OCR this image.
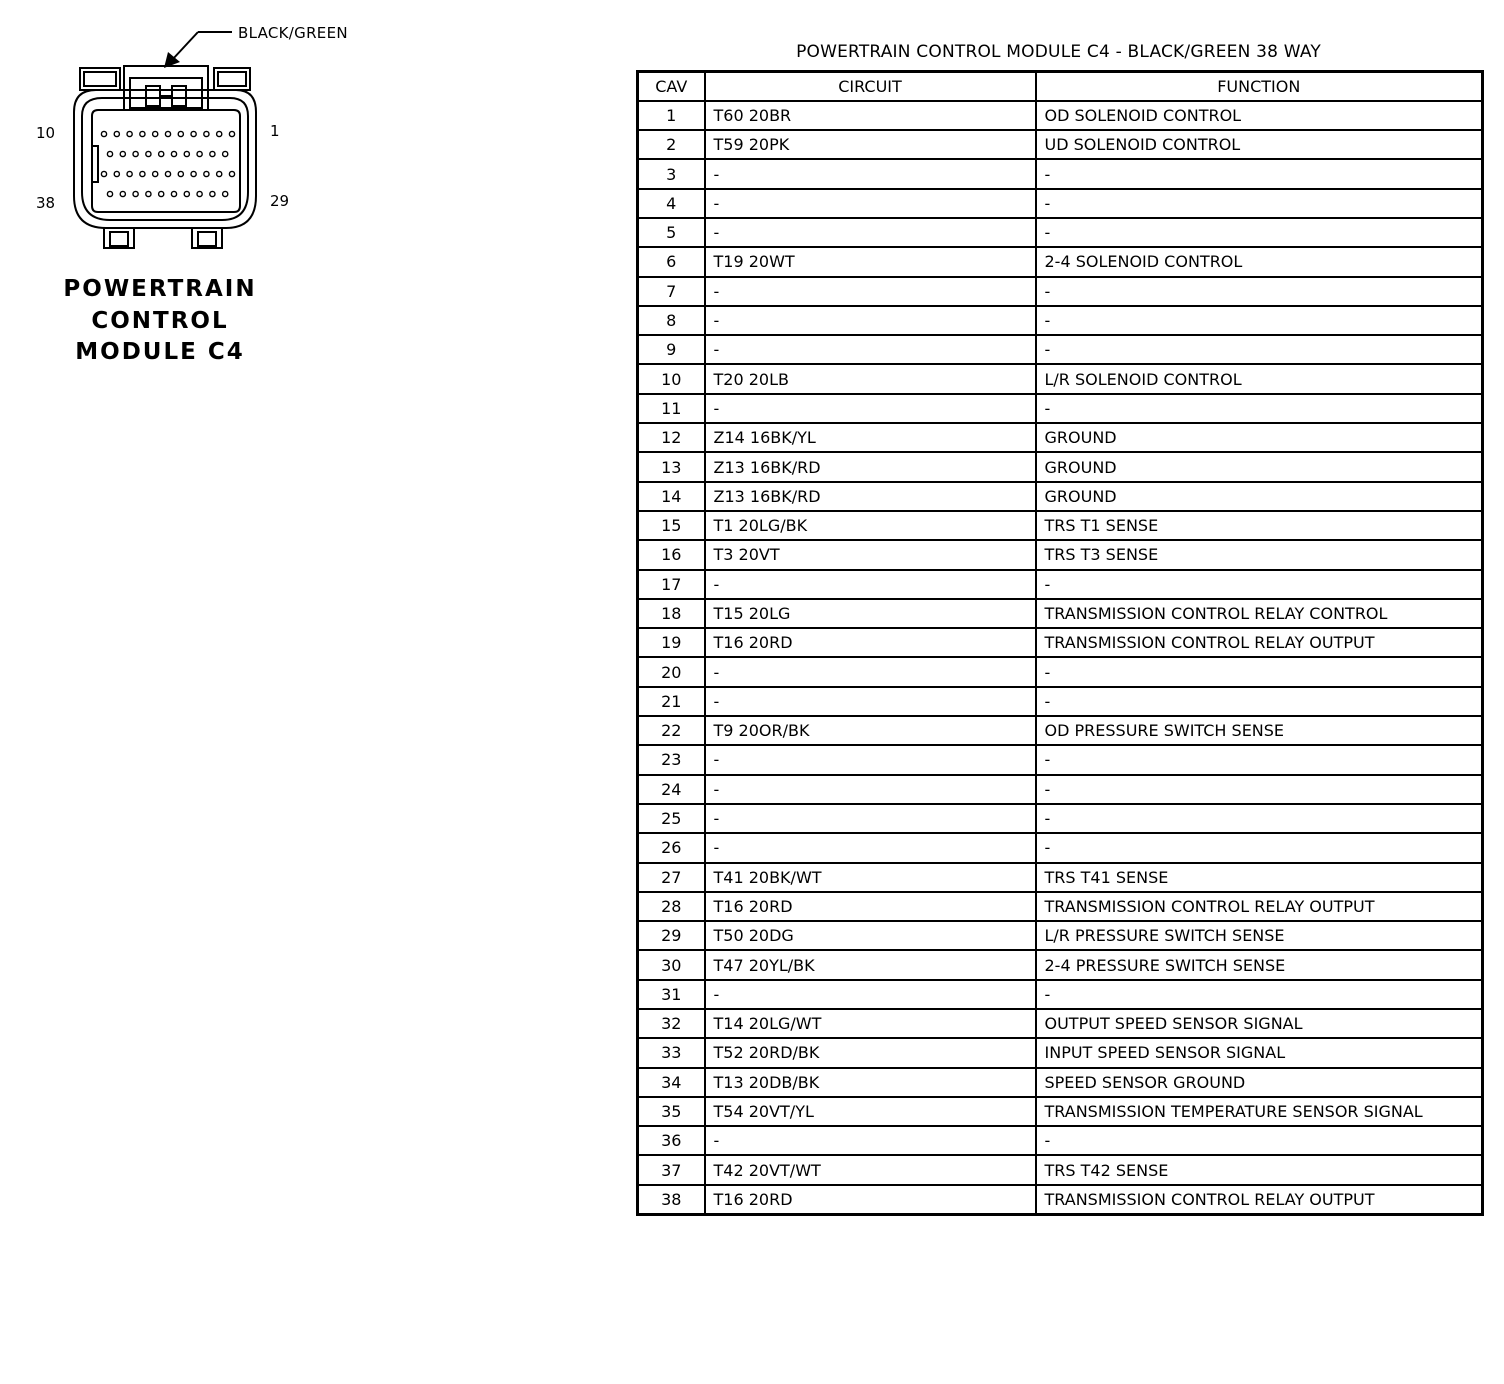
BLACK/GREEN
10	1
38	29
POWERTRAIN
CONTROL
MODULE C4
POWERTRAIN CONTROL MODULE C4 - BLACK/GREEN 38 WAY
CAV	CIRCUIT	FUNCTION
1	T60 20BR	OD SOLENOID CONTROL
2	T59 20PK	UD SOLENOID CONTROL
3	-	-
4	-	-
5	-	-
6	T19 20WT	2-4 SOLENOID CONTROL
7	-	-
8	-	-
9	-	-
10	T20 20LB	L/R SOLENOID CONTROL
11	-	-
12	Z14 16BK/YL	GROUND
13	Z13 16BK/RD	GROUND
14	Z13 16BK/RD	GROUND
15	T1 20LG/BK	TRS T1 SENSE
16	T3 20VT	TRS T3 SENSE
17	-	-
18	T15 20LG	TRANSMISSION CONTROL RELAY CONTROL
19	T16 20RD	TRANSMISSION CONTROL RELAY OUTPUT
20	-	-
21	-	-
22	T9 20OR/BK	OD PRESSURE SWITCH SENSE
23	-	-
24	-	-
25	-	-
26	-	-
27	T41 20BK/WT	TRS T41 SENSE
28	T16 20RD	TRANSMISSION CONTROL RELAY OUTPUT
29	T50 20DG	L/R PRESSURE SWITCH SENSE
30	T47 20YL/BK	2-4 PRESSURE SWITCH SENSE
31	-	-
32	T14 20LG/WT	OUTPUT SPEED SENSOR SIGNAL
33	T52 20RD/BK	INPUT SPEED SENSOR SIGNAL
34	T13 20DB/BK	SPEED SENSOR GROUND
35	T54 20VT/YL	TRANSMISSION TEMPERATURE SENSOR SIGNAL
36	-	-
37	T42 20VT/WT	TRS T42 SENSE
38	T16 20RD	TRANSMISSION CONTROL RELAY OUTPUT
